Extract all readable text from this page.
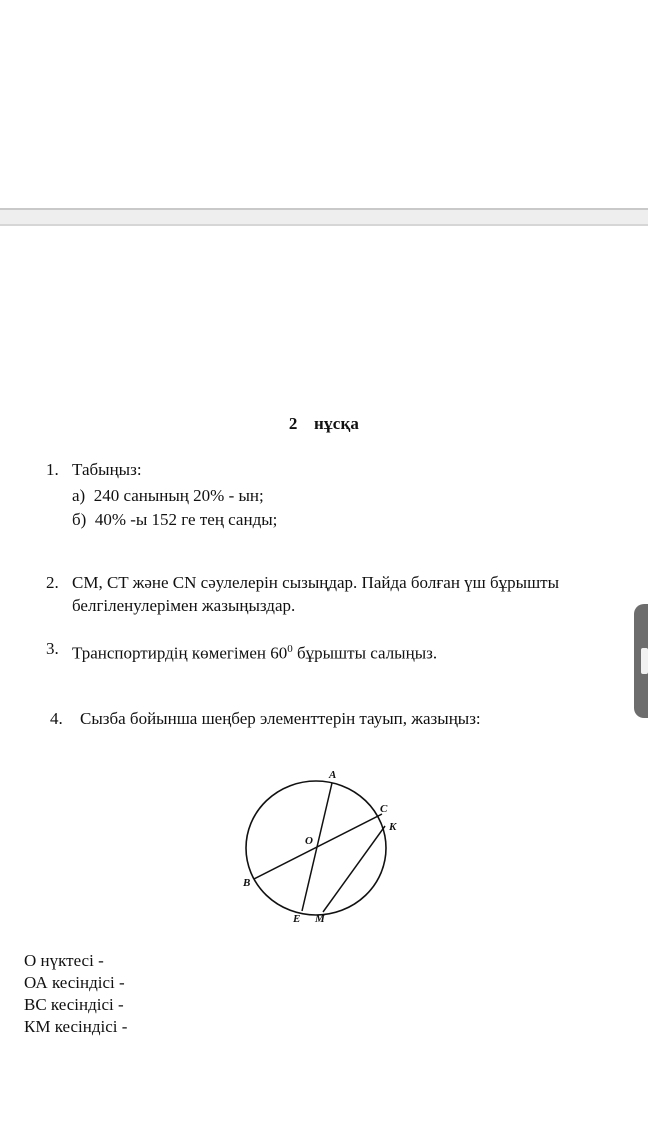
2 нұсқа
1. Табыңыз:
а) 240 санының 20% - ын;
б) 40% -ы 152 ге тең санды;
2. CM, CT және CN сәулелерін сызыңдар. Пайда болған үш бұрышты
белгіленулерімен жазыңыздар.
3. Транспортирдің көмегімен $60^0$ бұрышты салыңыз.
4. Сызба бойынша шеңбер элементтерін тауып, жазыңыз:
A
C
K
O
B
E M
О нүктесі -
ОА кесіндісі -
ВС кесіндісі -
КМ кесіндісі -
